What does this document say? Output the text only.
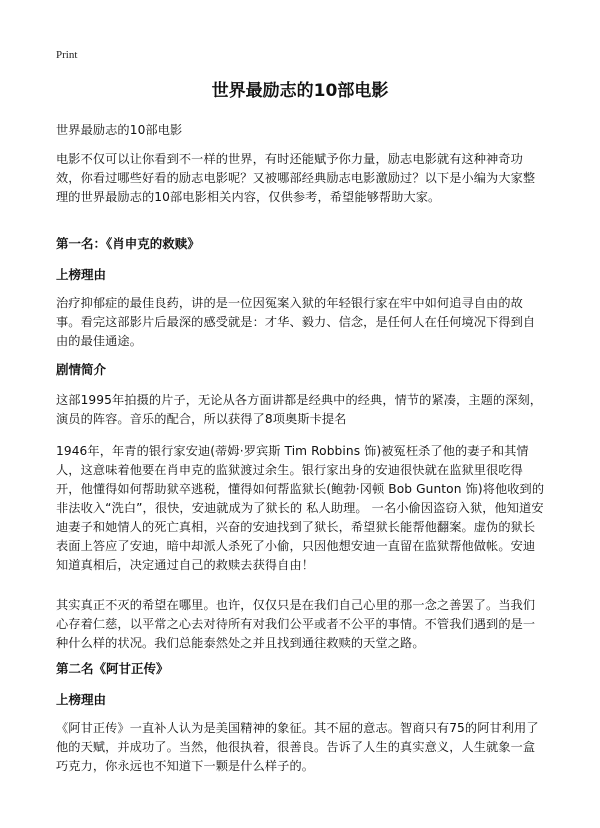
Print
世界最励志的10部电影

世界最励志的10部电影

电影不仅可以让你看到不一样的世界，有时还能赋予你力量，励志电影就有这种神奇功效，你看过哪些好看的励志电影呢？又被哪部经典励志电影激励过？以下是小编为大家整理的世界最励志的10部电影相关内容，仅供参考，希望能够帮助大家。

第一名：《肖申克的救赎》

上榜理由

治疗抑郁症的最佳良药，讲的是一位因冤案入狱的年轻银行家在牢中如何追寻自由的故事。看完这部影片后最深的感受就是：才华、毅力、信念，是任何人在任何境况下得到自由的最佳通途。

剧情简介

这部1995年拍摄的片子，无论从各方面讲都是经典中的经典，情节的紧凑，主题的深刻，演员的阵容。音乐的配合，所以获得了8项奥斯卡提名

1946年，年青的银行家安迪(蒂姆·罗宾斯 Tim Robbins 饰)被冤枉杀了他的妻子和其情人，这意味着他要在肖申克的监狱渡过余生。银行家出身的安迪很快就在监狱里很吃得开，他懂得如何帮助狱卒逃税，懂得如何帮监狱长(鲍勃·冈顿 Bob Gunton 饰)将他收到的非法收入“洗白”，很快，安迪就成为了狱长的 私人助理。 一名小偷因盗窃入狱，他知道安迪妻子和她情人的死亡真相，兴奋的安迪找到了狱长，希望狱长能帮他翻案。虚伪的狱长表面上答应了安迪，暗中却派人杀死了小偷，只因他想安迪一直留在监狱帮他做帐。安迪知道真相后，决定通过自己的救赎去获得自由！

其实真正不灭的希望在哪里。也许，仅仅只是在我们自己心里的那一念之善罢了。当我们心存着仁慈，以平常之心去对待所有对我们公平或者不公平的事情。不管我们遇到的是一种什么样的状况。我们总能泰然处之并且找到通往救赎的天堂之路。

第二名《阿甘正传》

上榜理由

《阿甘正传》一直补人认为是美国精神的象征。其不屈的意志。智商只有75的阿甘利用了他的天赋，并成功了。当然，他很执着，很善良。告诉了人生的真实意义，人生就象一盒巧克力，你永远也不知道下一颗是什么样子的。
